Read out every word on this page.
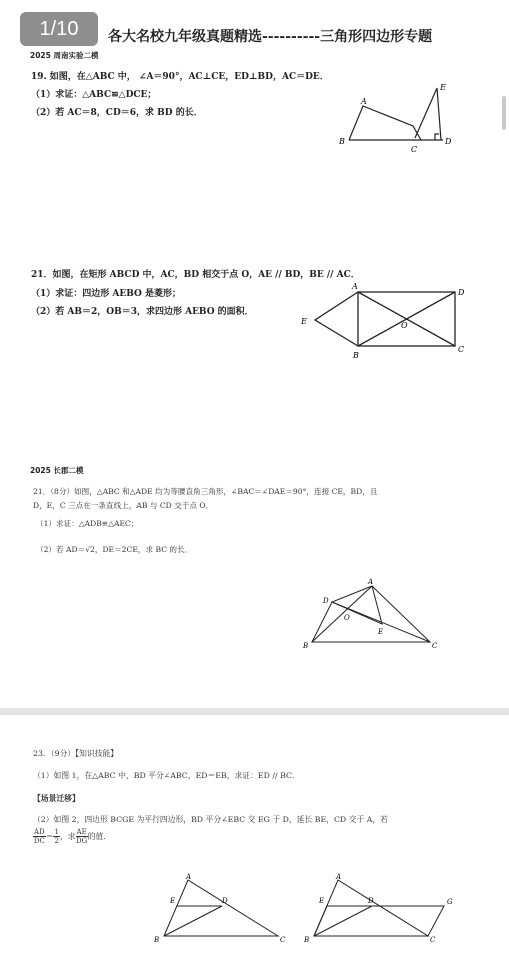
1/10	各大名校九年级真题精选----------三角形四边形专题
2025 周南实验二模
19. 如图，在△ABC 中， ∠A＝90°，AC⊥CE，ED⊥BD，AC＝DE．
（1）求证：△ABC≌△DCE；
（2）若 AC＝8，CD＝6，求 BD 的长．
A
B
C
D
E
21．如图，在矩形 ABCD 中，AC，BD 相交于点 O，AE // BD，BE // AC．
（1）求证：四边形 AEBO 是菱形；
（2）若 AB＝2，OB＝3，求四边形 AEBO 的面积．
A
D
E	O
B
C
2025 长郡二模
21．（8分）如图，△ABC 和△ADE 均为等腰直角三角形，∠BAC＝∠DAE＝90°，连接 CE，BD，且
D，E，C 三点在一条直线上，AB 与 CD 交于点 O．
（1）求证：△ADB≌△AEC；
（2）若 AD＝√2，DE＝2CE，求 BC 的长．
A
D
O
E
B	C
23．（9分）【知识技能】
（1）如图 1，在△ABC 中，BD 平分∠ABC，ED＝EB，求证：ED // BC．
【场景迁移】
（2）如图 2，四边形 BCGE 为平行四边形，BD 平分∠EBC 交 EG 于 D，延长 BE，CD 交于 A，若
$\frac{AD}{DC} = \frac{1}{2}$ ，求 $\frac{AE}{DG}$ 的值．
A
E	D
B	C
A
E	D	G
B	C
